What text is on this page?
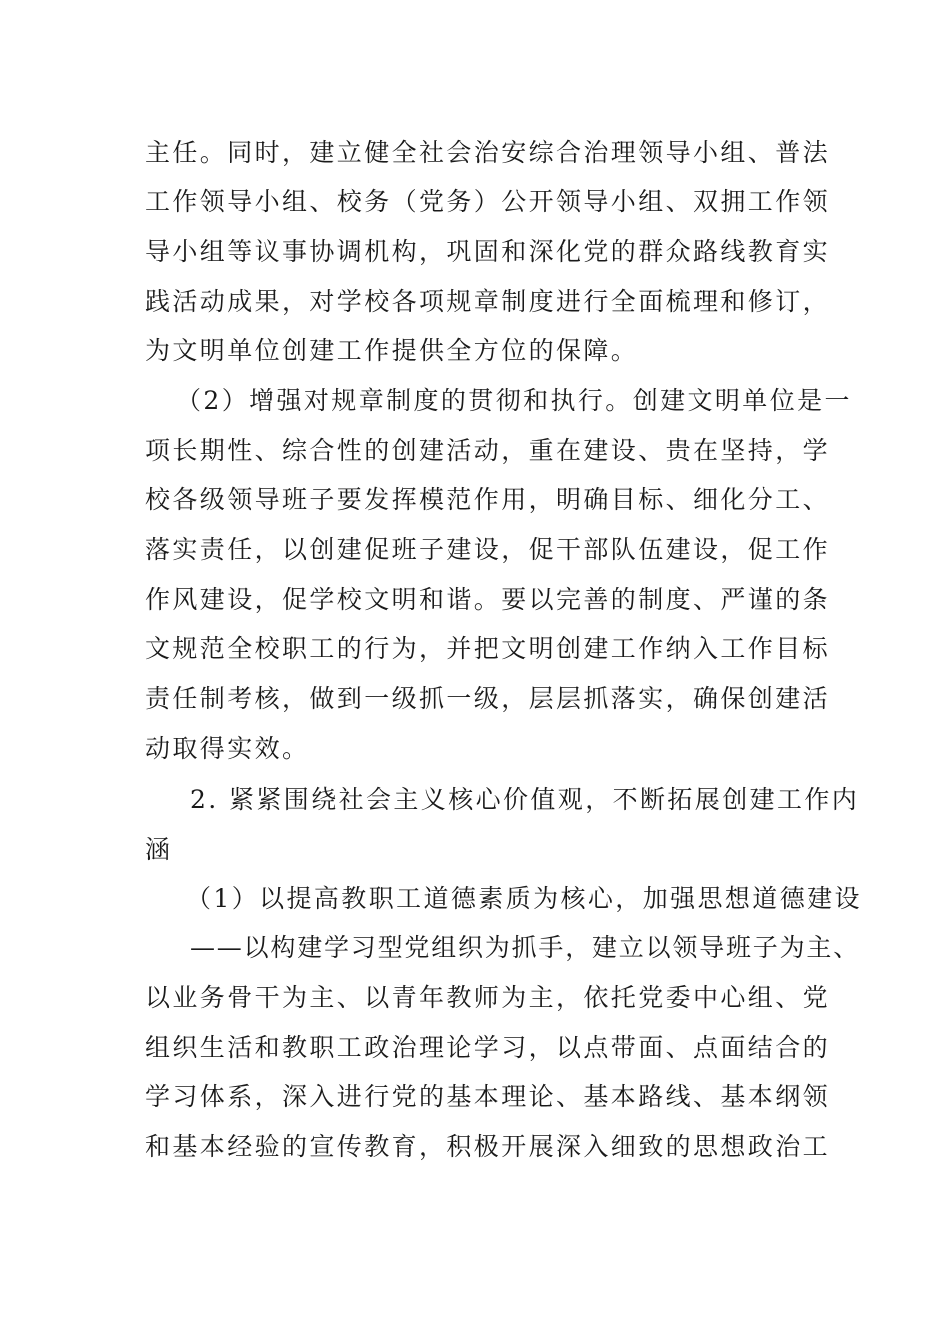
主任。同时，建立健全社会治安综合治理领导小组、普法
工作领导小组、校务（党务）公开领导小组、双拥工作领
导小组等议事协调机构，巩固和深化党的群众路线教育实
践活动成果，对学校各项规章制度进行全面梳理和修订，
为文明单位创建工作提供全方位的保障。
（2）增强对规章制度的贯彻和执行。创建文明单位是一
项长期性、综合性的创建活动，重在建设、贵在坚持，学
校各级领导班子要发挥模范作用，明确目标、细化分工、
落实责任，以创建促班子建设，促干部队伍建设，促工作
作风建设，促学校文明和谐。要以完善的制度、严谨的条
文规范全校职工的行为，并把文明创建工作纳入工作目标
责任制考核，做到一级抓一级，层层抓落实，确保创建活
动取得实效。
2. 紧紧围绕社会主义核心价值观，不断拓展创建工作内
涵
（1）以提高教职工道德素质为核心，加强思想道德建设
——以构建学习型党组织为抓手，建立以领导班子为主、
以业务骨干为主、以青年教师为主，依托党委中心组、党
组织生活和教职工政治理论学习，以点带面、点面结合的
学习体系，深入进行党的基本理论、基本路线、基本纲领
和基本经验的宣传教育，积极开展深入细致的思想政治工
